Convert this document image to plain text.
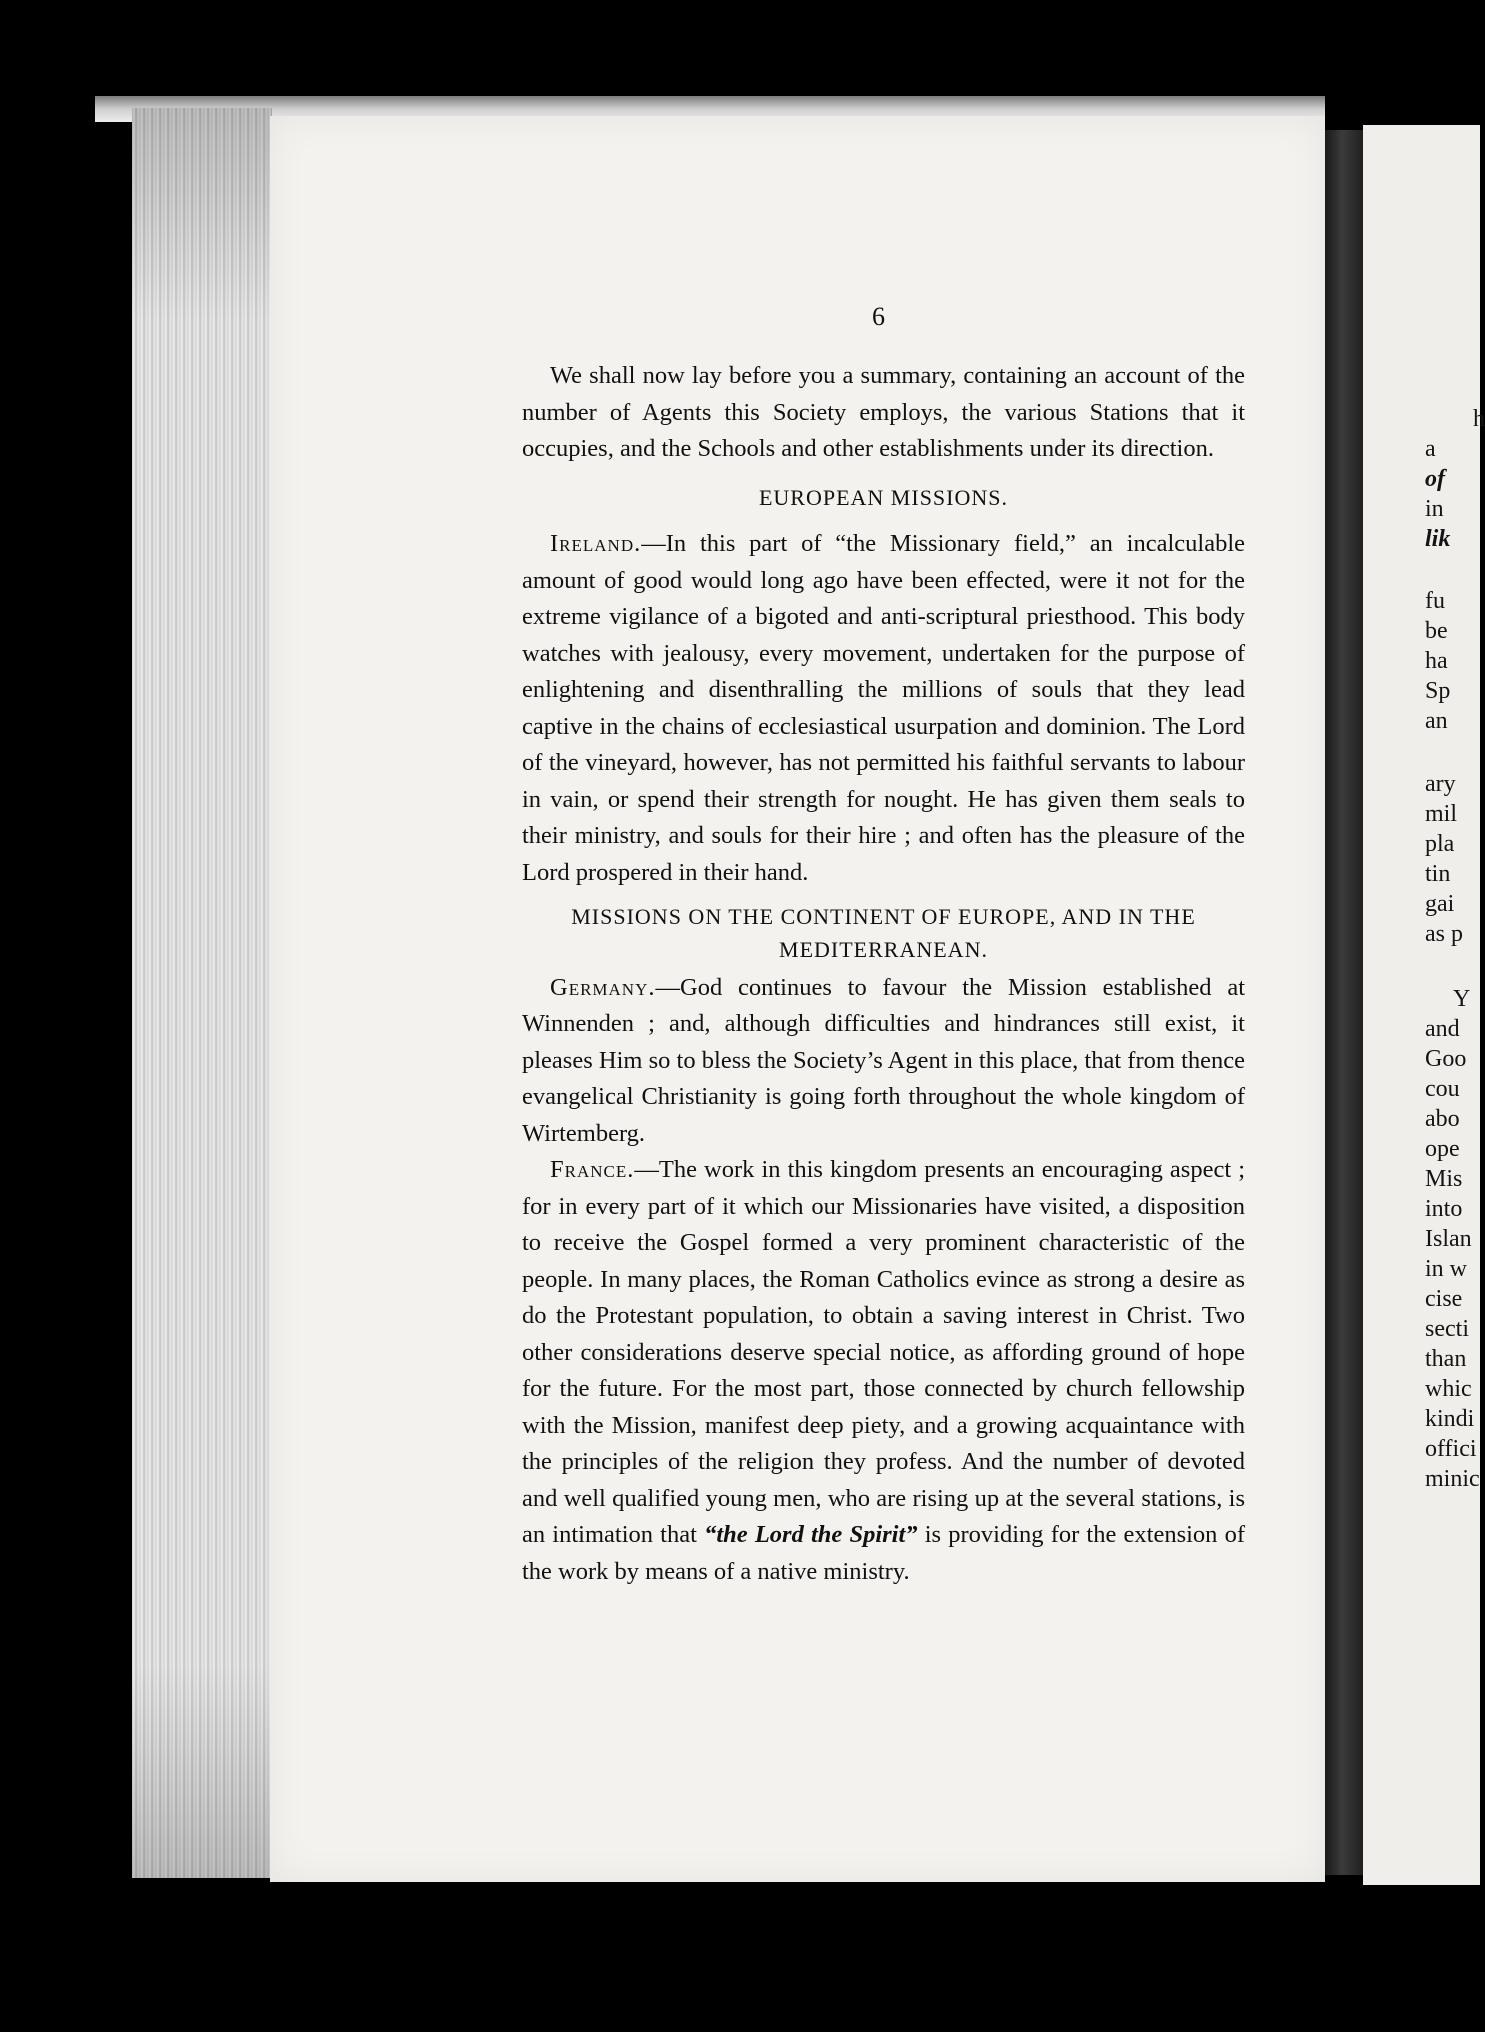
h
a
of
in
lik
fu
be
ha
Sp
an
ary
mil
pla
tin
gai
as p
Y
and
Goo
cou
abo
ope
Mis
into
Islan
in w
cise
secti
than
whic
kindi
offici
minic
6

We shall now lay before you a summary, containing an account of the number of Agents this Society employs, the various Stations that it occupies, and the Schools and other establishments under its direction.

EUROPEAN MISSIONS.

Ireland.—In this part of “the Missionary field,” an incalculable amount of good would long ago have been effected, were it not for the extreme vigilance of a bigoted and anti-scriptural priesthood. This body watches with jealousy, every movement, undertaken for the purpose of enlightening and disenthralling the millions of souls that they lead captive in the chains of ecclesiastical usurpation and dominion. The Lord of the vineyard, however, has not permitted his faithful servants to labour in vain, or spend their strength for nought. He has given them seals to their ministry, and souls for their hire ; and often has the pleasure of the Lord prospered in their hand.

MISSIONS ON THE CONTINENT OF EUROPE, AND IN THE
MEDITERRANEAN.

Germany.—God continues to favour the Mission established at Winnenden ; and, although difficulties and hindrances still exist, it pleases Him so to bless the Society’s Agent in this place, that from thence evangelical Christianity is going forth throughout the whole kingdom of Wirtemberg.

France.—The work in this kingdom presents an encouraging aspect ; for in every part of it which our Missionaries have visited, a disposition to receive the Gospel formed a very prominent characteristic of the people. In many places, the Roman Catholics evince as strong a desire as do the Protestant population, to obtain a saving interest in Christ. Two other considerations deserve special notice, as affording ground of hope for the future. For the most part, those connected by church fellowship with the Mission, manifest deep piety, and a growing acquaintance with the principles of the religion they profess. And the number of devoted and well qualified young men, who are rising up at the several stations, is an intimation that “the Lord the Spirit” is providing for the extension of the work by means of a native ministry.
